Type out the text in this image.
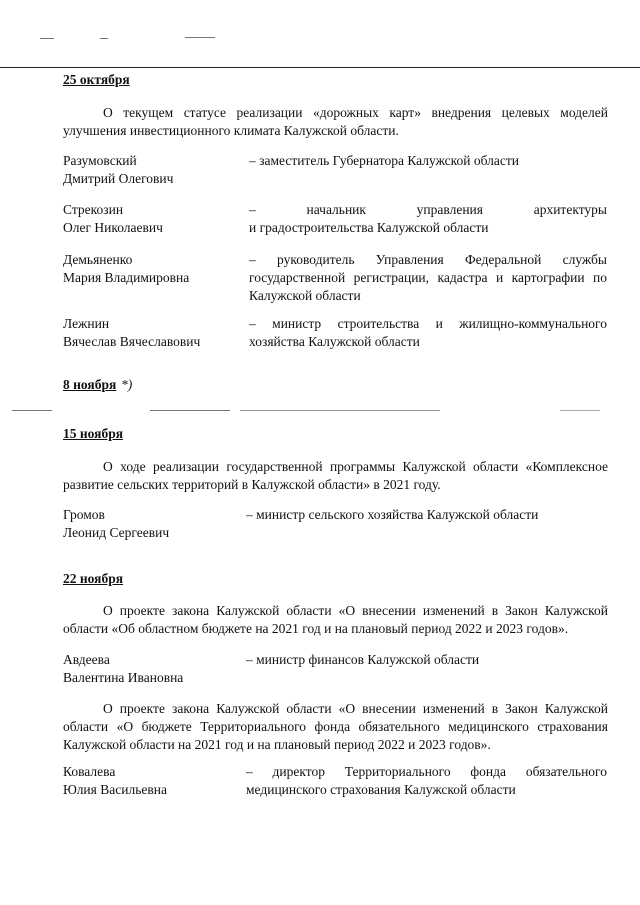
25 октября
О текущем статусе реализации «дорожных карт» внедрения целевых моделей улучшения инвестиционного климата Калужской области.
Разумовский
Дмитрий Олегович
– заместитель Губернатора Калужской области
Стрекозин
Олег Николаевич
– начальник управления архитектуры
и градостроительства Калужской области
Демьяненко
Мария Владимировна
– руководитель Управления Федеральной службы государственной регистрации, кадастра и картографии по Калужской области
Лежнин
Вячеслав Вячеславович
– министр строительства и жилищно-коммунального хозяйства Калужской области
8 ноября *)
15 ноября
О ходе реализации государственной программы Калужской области «Комплексное развитие сельских территорий в Калужской области» в 2021 году.
Громов
Леонид Сергеевич
– министр сельского хозяйства Калужской области
22 ноября
О проекте закона Калужской области «О внесении изменений в Закон Калужской области «Об областном бюджете на 2021 год и на плановый период 2022 и 2023 годов».
Авдеева
Валентина Ивановна
– министр финансов Калужской области
О проекте закона Калужской области «О внесении изменений в Закон Калужской области «О бюджете Территориального фонда обязательного медицинского страхования Калужской области на 2021 год и на плановый период 2022 и 2023 годов».
Ковалева
Юлия Васильевна
– директор Территориального фонда обязательного
медицинского страхования Калужской области
